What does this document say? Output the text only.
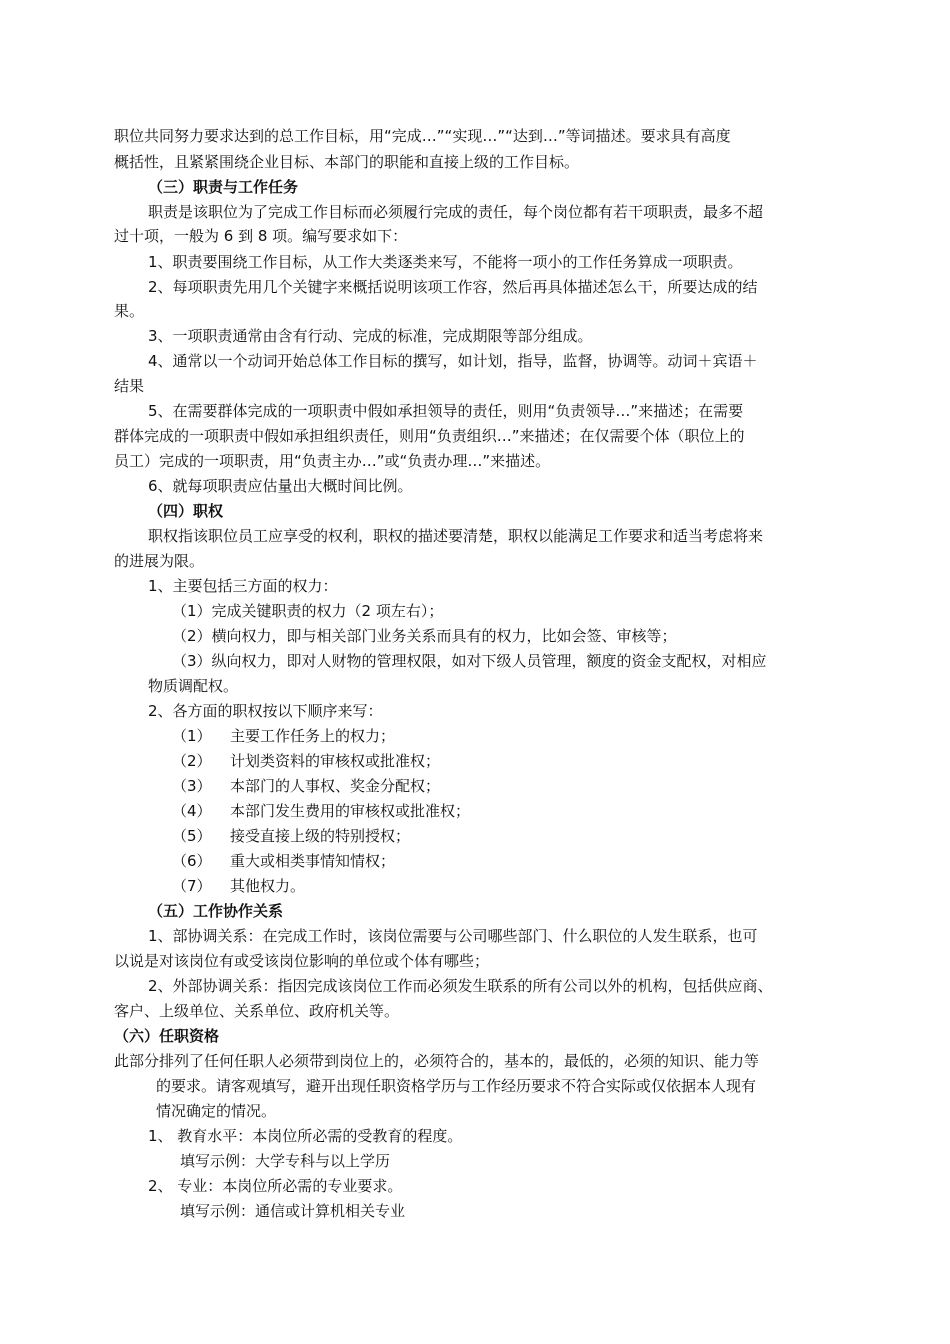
职位共同努力要求达到的总工作目标，用“完成…”“实现…”“达到…”等词描述。要求具有高度
概括性，且紧紧围绕企业目标、本部门的职能和直接上级的工作目标。
（三）职责与工作任务
职责是该职位为了完成工作目标而必须履行完成的责任，每个岗位都有若干项职责，最多不超
过十项，一般为 6 到 8 项。编写要求如下：
1、职责要围绕工作目标，从工作大类逐类来写，不能将一项小的工作任务算成一项职责。
2、每项职责先用几个关键字来概括说明该项工作容，然后再具体描述怎么干，所要达成的结
果。
3、一项职责通常由含有行动、完成的标准，完成期限等部分组成。
4、通常以一个动词开始总体工作目标的撰写，如计划，指导，监督，协调等。动词＋宾语＋
结果
5、在需要群体完成的一项职责中假如承担领导的责任，则用“负责领导…”来描述；在需要
群体完成的一项职责中假如承担组织责任，则用“负责组织…”来描述；在仅需要个体（职位上的
员工）完成的一项职责，用“负责主办…”或“负责办理…”来描述。
6、就每项职责应估量出大概时间比例。
（四）职权
职权指该职位员工应享受的权利，职权的描述要清楚，职权以能满足工作要求和适当考虑将来
的进展为限。
1、主要包括三方面的权力：
（1）完成关键职责的权力（2 项左右）；
（2）横向权力，即与相关部门业务关系而具有的权力，比如会签、审核等；
（3）纵向权力，即对人财物的管理权限，如对下级人员管理，额度的资金支配权，对相应
物质调配权。
2、各方面的职权按以下顺序来写：
（1） 主要工作任务上的权力；
（2） 计划类资料的审核权或批准权；
（3） 本部门的人事权、奖金分配权；
（4） 本部门发生费用的审核权或批准权；
（5） 接受直接上级的特别授权；
（6） 重大或相类事情知情权；
（7） 其他权力。
（五）工作协作关系
1、部协调关系：在完成工作时，该岗位需要与公司哪些部门、什么职位的人发生联系，也可
以说是对该岗位有或受该岗位影响的单位或个体有哪些；
2、外部协调关系：指因完成该岗位工作而必须发生联系的所有公司以外的机构，包括供应商、
客户、上级单位、关系单位、政府机关等。
（六）任职资格
此部分排列了任何任职人必须带到岗位上的，必须符合的，基本的，最低的，必须的知识、能力等
的要求。请客观填写，避开出现任职资格学历与工作经历要求不符合实际或仅依据本人现有
情况确定的情况。
1、 教育水平：本岗位所必需的受教育的程度。
填写示例：大学专科与以上学历
2、 专业：本岗位所必需的专业要求。
填写示例：通信或计算机相关专业
